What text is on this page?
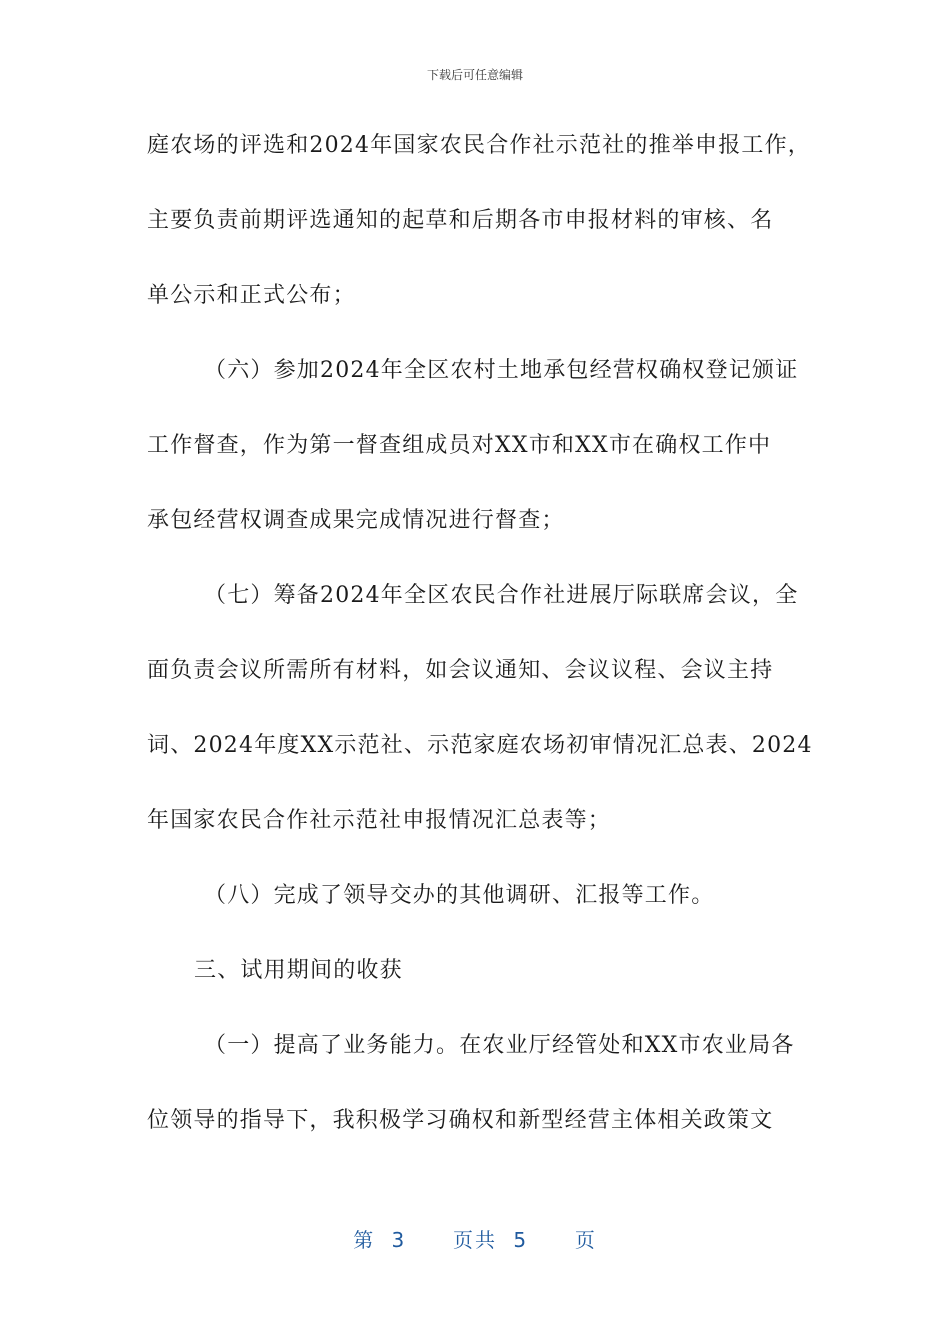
下载后可任意编辑
庭农场的评选和2024年国家农民合作社示范社的推举申报工作，
主要负责前期评选通知的起草和后期各市申报材料的审核、名
单公示和正式公布；
（六）参加2024年全区农村土地承包经营权确权登记颁证
工作督查，作为第一督查组成员对XX市和XX市在确权工作中
承包经营权调查成果完成情况进行督查；
（七）筹备2024年全区农民合作社进展厅际联席会议，全
面负责会议所需所有材料，如会议通知、会议议程、会议主持
词、2024年度XX示范社、示范家庭农场初审情况汇总表、2024
年国家农民合作社示范社申报情况汇总表等；
（八）完成了领导交办的其他调研、汇报等工作。
三、试用期间的收获
（一）提高了业务能力。在农业厅经管处和XX市农业局各
位领导的指导下，我积极学习确权和新型经营主体相关政策文
第 3 页共 5 页
